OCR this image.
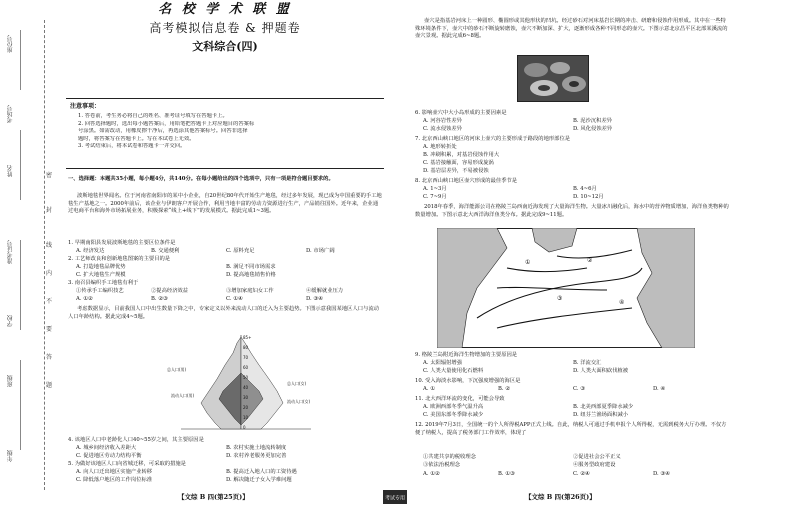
座位号
考场号
姓名
准考证号
学校
班级
年级
密
封
线
内
不
要
答
题
名 校 学 术 联 盟
高考模拟信息卷 & 押题卷
文科综合(四)
注意事项：
1. 答卷前，考生务必将自己的姓名、准考证号填写在答题卡上。
2. 回答选择题时，选出每小题答案后，用铅笔把答题卡上对应题目的答案标
号涂黑。如需改动，用橡皮擦干净后，再选涂其他答案标号。回答非选择
题时，将答案写在答题卡上。写在本试卷上无效。
3. 考试结束后，将本试卷和答题卡一并交回。
一、选择题：本题共35小题，每小题4分，共140分。在每小题给出的四个选项中，只有一项是符合题目要求的。
波斯地毯世界闻名。位于河南省南阳市的某中小企业，自20世纪80年代开始生产地毯，经过多年发展，现已成为中国重要的手工地毯生产基地之一。2000年前后，该企业与伊朗客户开展合作，利用当地丰富的劳动力资源进行生产，产品销往国外。近年来，企业通过电商平台和海外市场拓展业务，积极探索“线上+线下”的发展模式。据此完成1~3题。
1. 早期南阳县发展波斯地毯的主要区位条件是
A. 经济发达	B. 交通便利	C. 原料充足	D. 市场广阔
2. 工艺师改良和创新地毯图案的主要目的是
A. 打造地毯品牌优势	B. 满足不同市场需求
C. 扩大地毯生产规模	D. 提高地毯销售价格
3. 南召县编织手工地毯有利于
①传承手工编织技艺	②提高经济效益	③增加家庭妇女工作	④缓解就业压力
A. ①②	B. ②③	C. ①④	D. ③④
考虑数据显示，目前我国人口中出生数量下降之中，专家定义以外来流动人口的迁入为主要趋势。下图示意我国某地区人口与流动人口年龄结构。据此完成4~5题。
85+
80
70
60
50
40
30
20
10
0
总人口(男)
总人口(女)
流动人口(男)
流动人口(女)
4. 该地区人口中老龄化人口40~55岁之间，其主要原因是
A. 城乡间经济收入差距大	B. 农村实施土地流转制度
C. 促进地区劳动力结构平衡	D. 农村养老服务更加完善
5. 为做好该地区人口向省城迁移，可采取的措施是
A. 向人口迁出地区实施产业转移	B. 提高迁入地人口的工资待遇
C. 降低落户地区的工作岗位标准	D. 解决随迁子女入学难问题
【文综 B 四(第25页)】	考试专用
壶穴是指基岩河床上一种圆形、椭圆形或其他形状的凹坑。经过砂石对河床基岩长期的冲击、研磨和侵蚀作用形成。其中在一些特殊环境条件下，壶穴中的砂石不断旋转磨蚀，壶穴不断加深、扩大，逐渐形成各种不同形态的壶穴。下图示意北京昌平区北部某溪流的壶穴景观。据此完成6~8题。
6. 影响壶穴中大小岛形成的主要因素是
A. 河谷岩性差异	B. 泥沙沉积差异
C. 流水侵蚀差异	D. 风化侵蚀差异
7. 北京西山峡口地区的河床上壶穴的主要形成于路段的地形部位是
A. 地形转折处
B. 冲刷积累，对基岩侵蚀作用大
C. 基岩接触面，容易形成旋涡
D. 基岩层差异，不易被侵蚀
8. 北京西山峡口地区壶穴形成的最佳季节是
A. 1~3月	B. 4~6月
C. 7~9月	D. 10~12月
2018年春季，海洋能源公司在格陵兰岛西南近海发现了大量海洋生物。大量冰川融化后，海水中的营养物质增加，海洋鱼类物种的数量增加。下图示意北大西洋海洋鱼类分布。据此完成9~11题。
①	②
③
④
9. 格陵兰岛附近海洋生物增加的主要原因是
A. 太阳辐射增强	B. 洋流交汇
C. 人类大量使用化石燃料	D. 人类大面积砍伐植被
10. 受入海淡水影响，下沉强度增强的海区是
A. ①	B. ②	C. ③	D. ④
11. 北大西洋环流的变化，可能会导致
A. 欧洲西部冬季气温升高	B. 北美西部夏季降水减少
C. 美国东部冬季降水减少	D. 纽芬兰渔场面积减小
12. 2019年7月3日，全国统一的个人所得税APP正式上线。自此，纳税人可通过手机申报个人所得税，无需到税务大厅办理。不仅方便了纳税人，提高了税务部门工作效率，体现了
①共建共享的税收理念	②促进社会公平正义
③依法治税理念	④服务型政府建设
A. ①②	B. ①③	C. ②④	D. ③④
【文综 B 四(第26页)】
